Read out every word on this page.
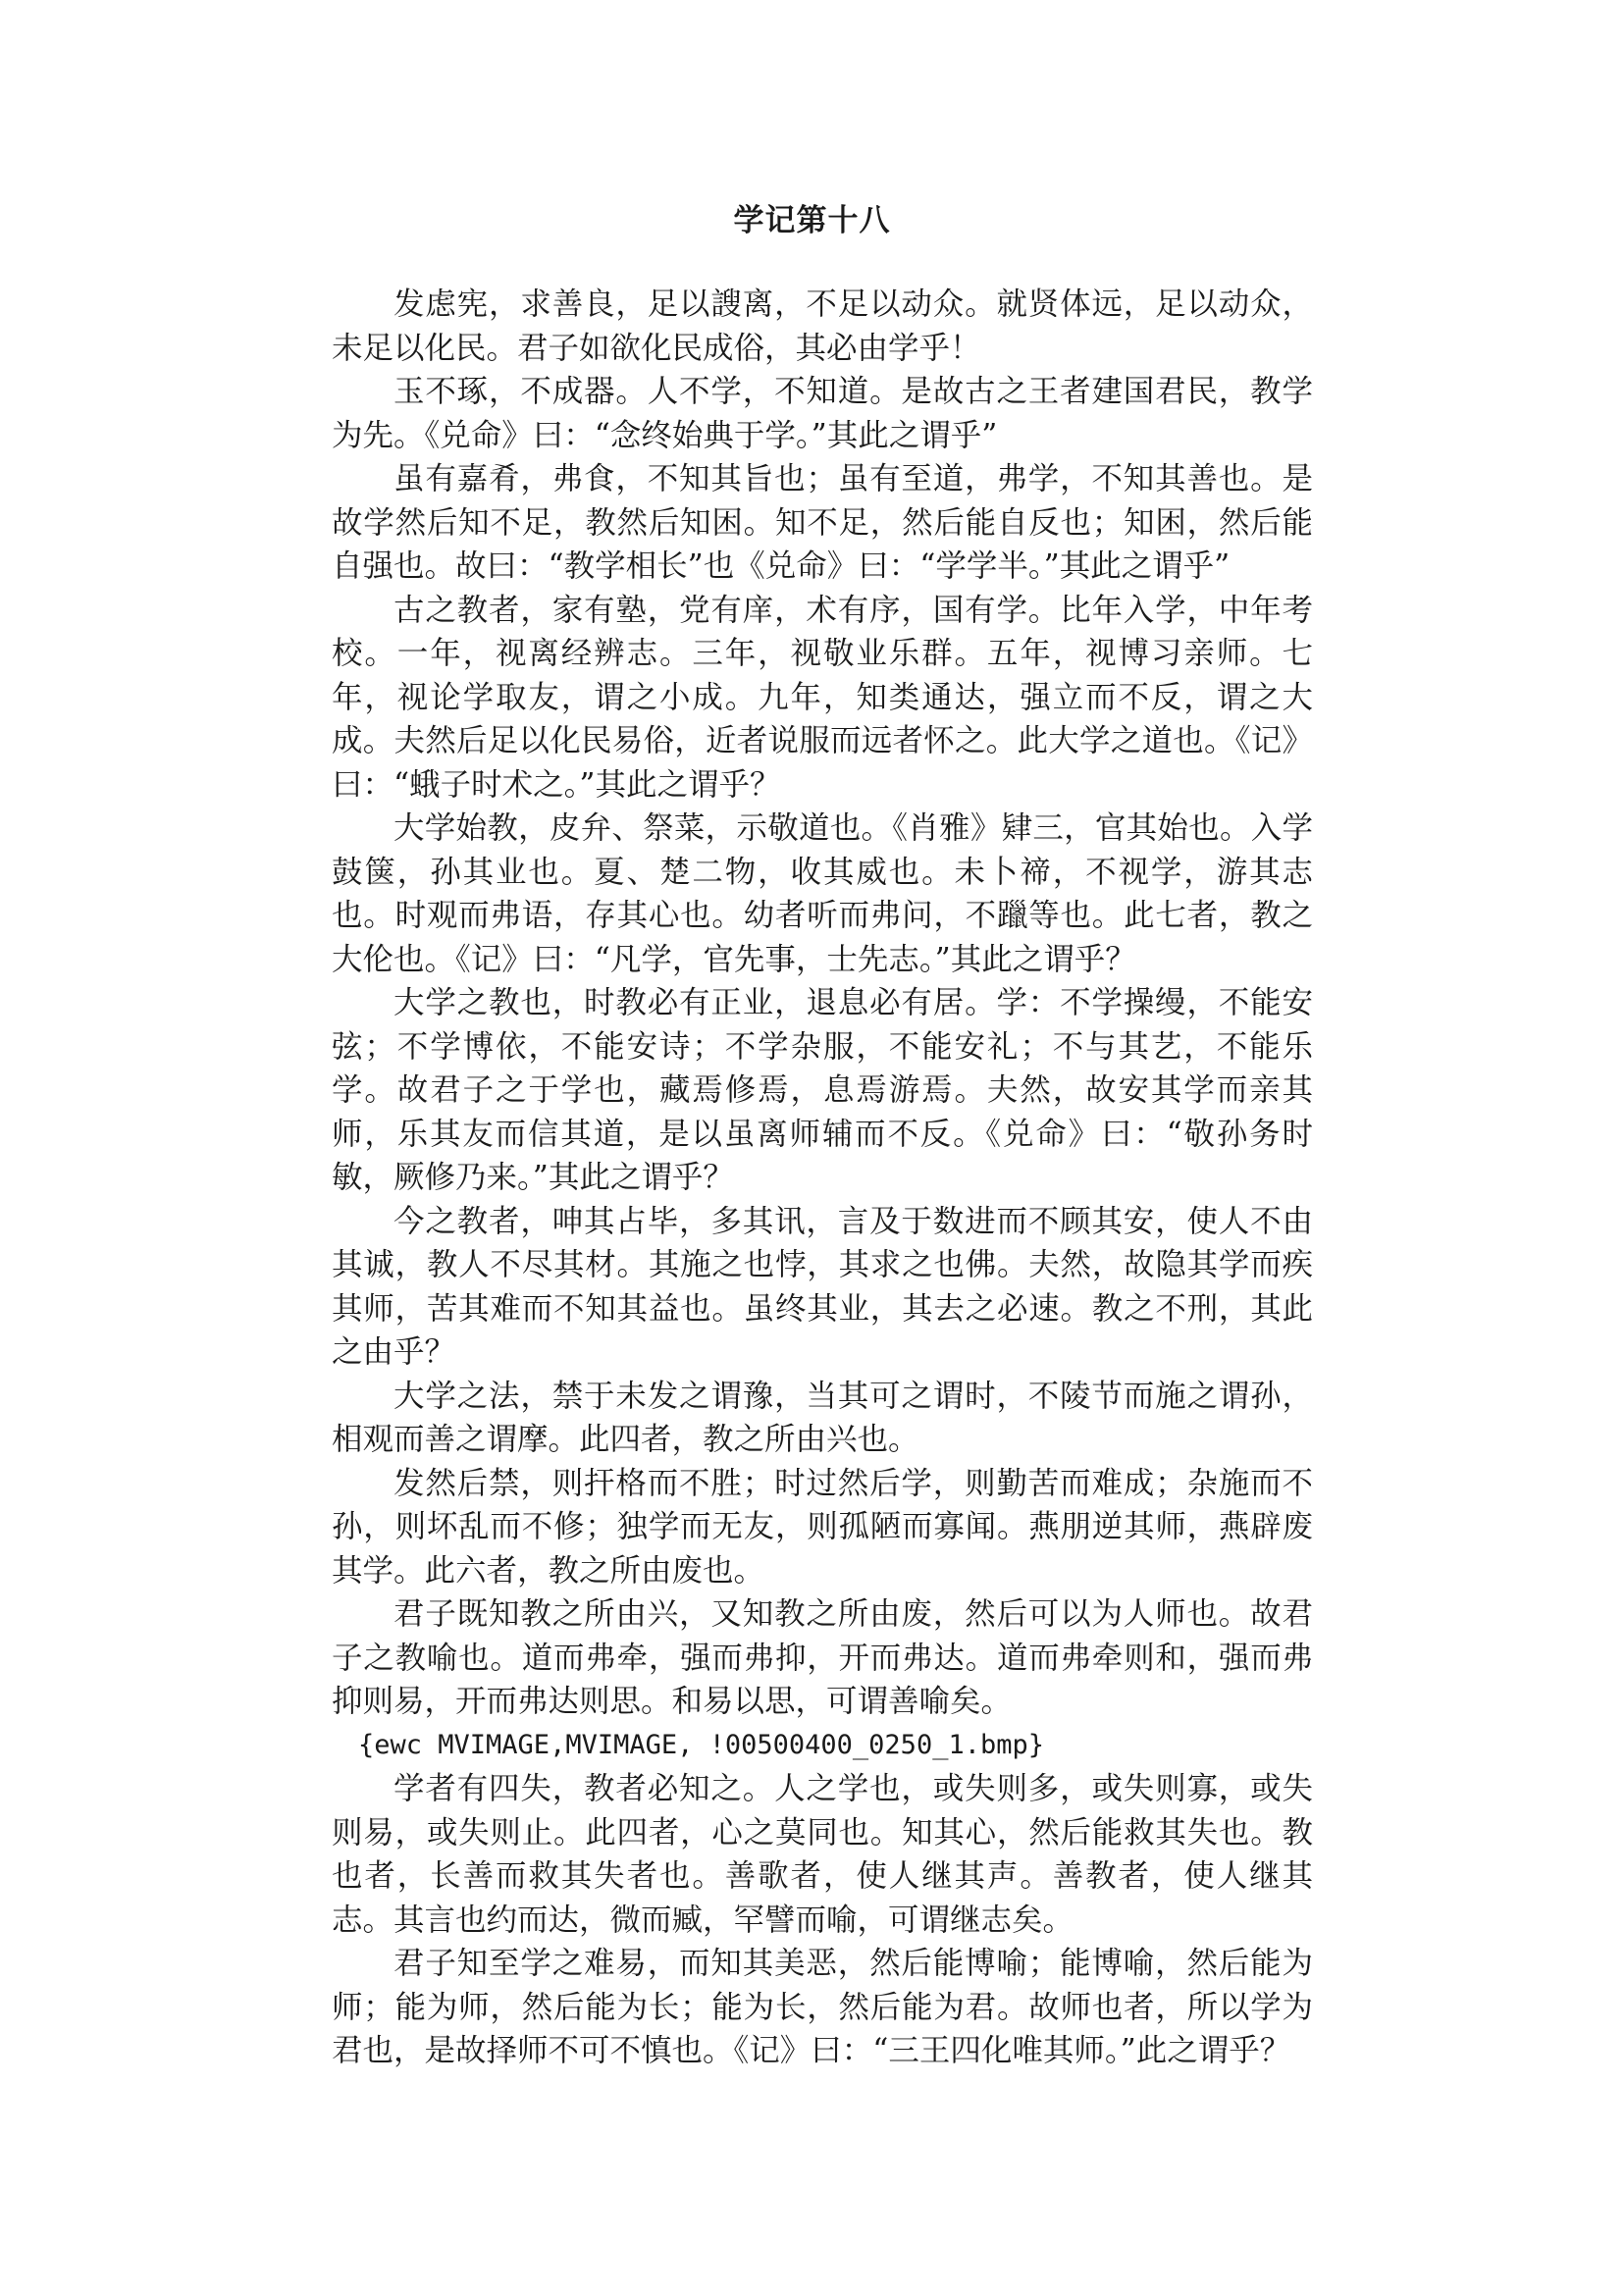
学记第十八

发虑宪，求善良，足以謏离，不足以动众。就贤体远，足以动众，未足以化民。君子如欲化民成俗，其必由学乎！

玉不琢，不成器。人不学，不知道。是故古之王者建国君民，教学为先。《兑命》曰：“念终始典于学。”其此之谓乎”

虽有嘉肴，弗食，不知其旨也；虽有至道，弗学，不知其善也。是故学然后知不足，教然后知困。知不足，然后能自反也；知困，然后能自强也。故曰：“教学相长”也《兑命》曰：“学学半。”其此之谓乎”

古之教者，家有塾，党有庠，术有序，国有学。比年入学，中年考校。一年，视离经辨志。三年，视敬业乐群。五年，视博习亲师。七年，视论学取友，谓之小成。九年，知类通达，强立而不反，谓之大成。夫然后足以化民易俗，近者说服而远者怀之。此大学之道也。《记》曰：“蛾子时术之。”其此之谓乎？

大学始教，皮弁、祭菜，示敬道也。《肖雅》肄三，官其始也。入学鼓箧，孙其业也。夏、楚二物，收其威也。未卜禘，不视学，游其志也。时观而弗语，存其心也。幼者听而弗问，不躐等也。此七者，教之大伦也。《记》曰：“凡学，官先事，士先志。”其此之谓乎？

大学之教也，时教必有正业，退息必有居。学：不学操缦，不能安弦；不学博依，不能安诗；不学杂服，不能安礼；不与其艺，不能乐学。故君子之于学也，藏焉修焉，息焉游焉。夫然，故安其学而亲其师，乐其友而信其道，是以虽离师辅而不反。《兑命》曰：“敬孙务时敏，厥修乃来。”其此之谓乎？

今之教者，呻其占毕，多其讯，言及于数进而不顾其安，使人不由其诚，教人不尽其材。其施之也悖，其求之也佛。夫然，故隐其学而疾其师，苦其难而不知其益也。虽终其业，其去之必速。教之不刑，其此之由乎？

大学之法，禁于未发之谓豫，当其可之谓时，不陵节而施之谓孙，相观而善之谓摩。此四者，教之所由兴也。

发然后禁，则扞格而不胜；时过然后学，则勤苦而难成；杂施而不孙，则坏乱而不修；独学而无友，则孤陋而寡闻。燕朋逆其师，燕辟废其学。此六者，教之所由废也。

君子既知教之所由兴，又知教之所由废，然后可以为人师也。故君子之教喻也。道而弗牵，强而弗抑，开而弗达。道而弗牵则和，强而弗抑则易，开而弗达则思。和易以思，可谓善喻矣。

{ewc MVIMAGE,MVIMAGE, !00500400_0250_1.bmp}

学者有四失，教者必知之。人之学也，或失则多，或失则寡，或失则易，或失则止。此四者，心之莫同也。知其心，然后能救其失也。教也者，长善而救其失者也。善歌者，使人继其声。善教者，使人继其志。其言也约而达，微而臧，罕譬而喻，可谓继志矣。

君子知至学之难易，而知其美恶，然后能博喻；能博喻，然后能为师；能为师，然后能为长；能为长，然后能为君。故师也者，所以学为君也，是故择师不可不慎也。《记》曰：“三王四化唯其师。”此之谓乎？
